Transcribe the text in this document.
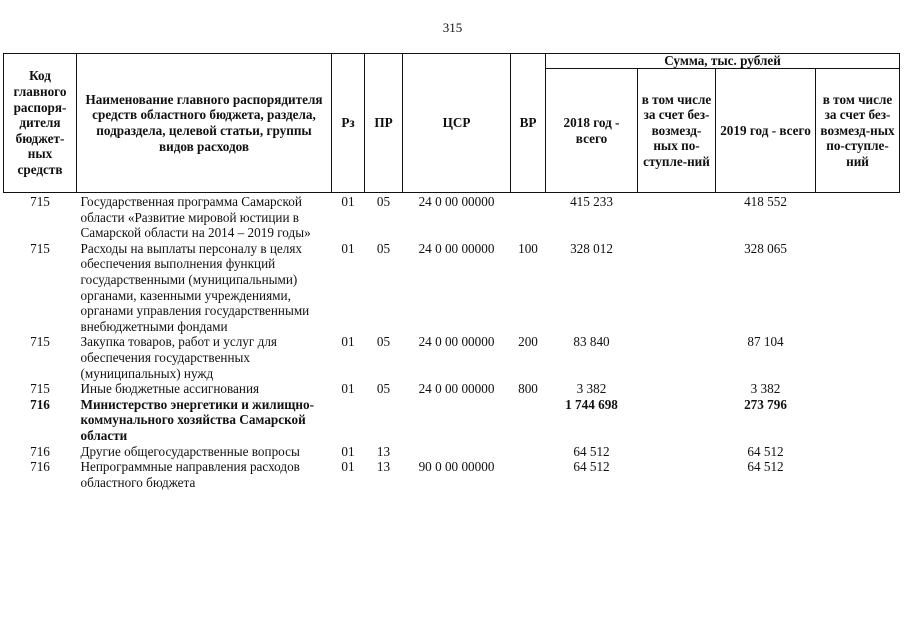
315
Код главного распоря-дителя бюджет-ных средств	Наименование главного распорядителя средств областного бюджета, раздела, подраздела, целевой статьи, группы видов расходов	Рз	ПР	ЦСР	ВР	Сумма, тыс. рублей			
						2018 год - всего	в том числе за счет без-возмезд-ных по-ступле-ний	2019 год - всего	в том числе за счет без-возмезд-ных по-ступле-ний
715	Государственная программа Самарской области «Развитие мировой юстиции в Самарской области на 2014 – 2019 годы»	01	05	24 0 00 00000		415 233		418 552	
715	Расходы на выплаты персоналу в целях обеспечения выполнения функций государственными (муниципальными) органами, казенными учреждениями, органами управления государственными внебюджетными фондами	01	05	24 0 00 00000	100	328 012		328 065	
715	Закупка товаров, работ и услуг для обеспечения государственных (муниципальных) нужд	01	05	24 0 00 00000	200	83 840		87 104	
715	Иные бюджетные ассигнования	01	05	24 0 00 00000	800	3 382		3 382	
716	Министерство энергетики и жилищно-коммунального хозяйства Самарской области					1 744 698		273 796	
716	Другие общегосударственные вопросы	01	13			64 512		64 512	
716	Непрограммные направления расходов областного бюджета	01	13	90 0 00 00000		64 512		64 512	
